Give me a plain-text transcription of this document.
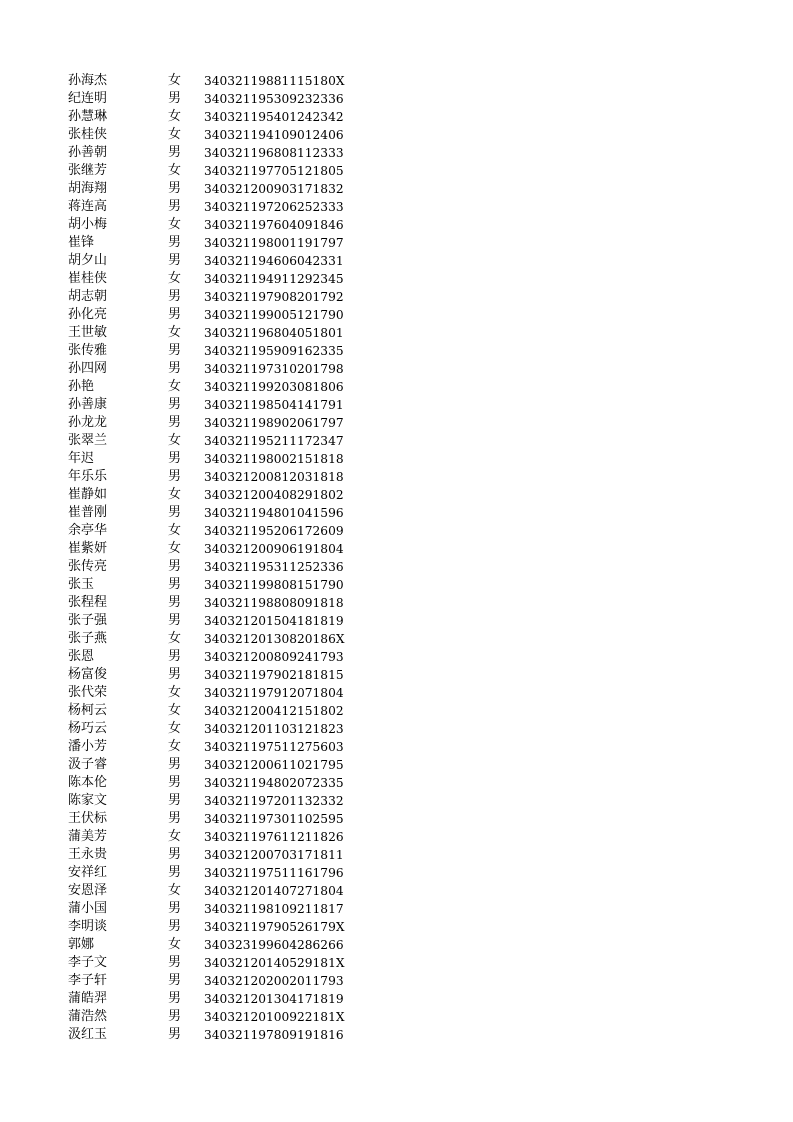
孙海杰	女 34032119881115180X
纪连明	男 340321195309232336
孙慧琳	女 340321195401242342
张桂侠	女 340321194109012406
孙善朝	男 340321196808112333
张继芳	女 340321197705121805
胡海翔	男 340321200903171832
蒋连高	男 340321197206252333
胡小梅	女 340321197604091846
崔锋	男 340321198001191797
胡夕山	男 340321194606042331
崔桂侠	女 340321194911292345
胡志朝	男 340321197908201792
孙化亮	男 340321199005121790
王世敏	女 340321196804051801
张传雅	男 340321195909162335
孙四网	男 340321197310201798
孙艳	女 340321199203081806
孙善康	男 340321198504141791
孙龙龙	男 340321198902061797
张翠兰	女 340321195211172347
年迟	男 340321198002151818
年乐乐	男 340321200812031818
崔静如	女 340321200408291802
崔普刚	男 340321194801041596
余亭华	女 340321195206172609
崔紫妍	女 340321200906191804
张传亮	男 340321195311252336
张玉	男 340321199808151790
张程程	男 340321198808091818
张子强	男 340321201504181819
张子燕	女 34032120130820186X
张恩	男 340321200809241793
杨富俊	男 340321197902181815
张代荣	女 340321197912071804
杨柯云	女 340321200412151802
杨巧云	女 340321201103121823
潘小芳	女 340321197511275603
汲子睿	男 340321200611021795
陈本伦	男 340321194802072335
陈家文	男 340321197201132332
王伏标	男 340321197301102595
蒲美芳	女 340321197611211826
王永贵	男 340321200703171811
安祥红	男 340321197511161796
安恩泽	女 340321201407271804
蒲小国	男 340321198109211817
李明谈	男 34032119790526179X
郭娜	女 340323199604286266
李子文	男 34032120140529181X
李子轩	男 340321202002011793
蒲皓羿	男 340321201304171819
蒲浩然	男 34032120100922181X
汲红玉	男 340321197809191816
